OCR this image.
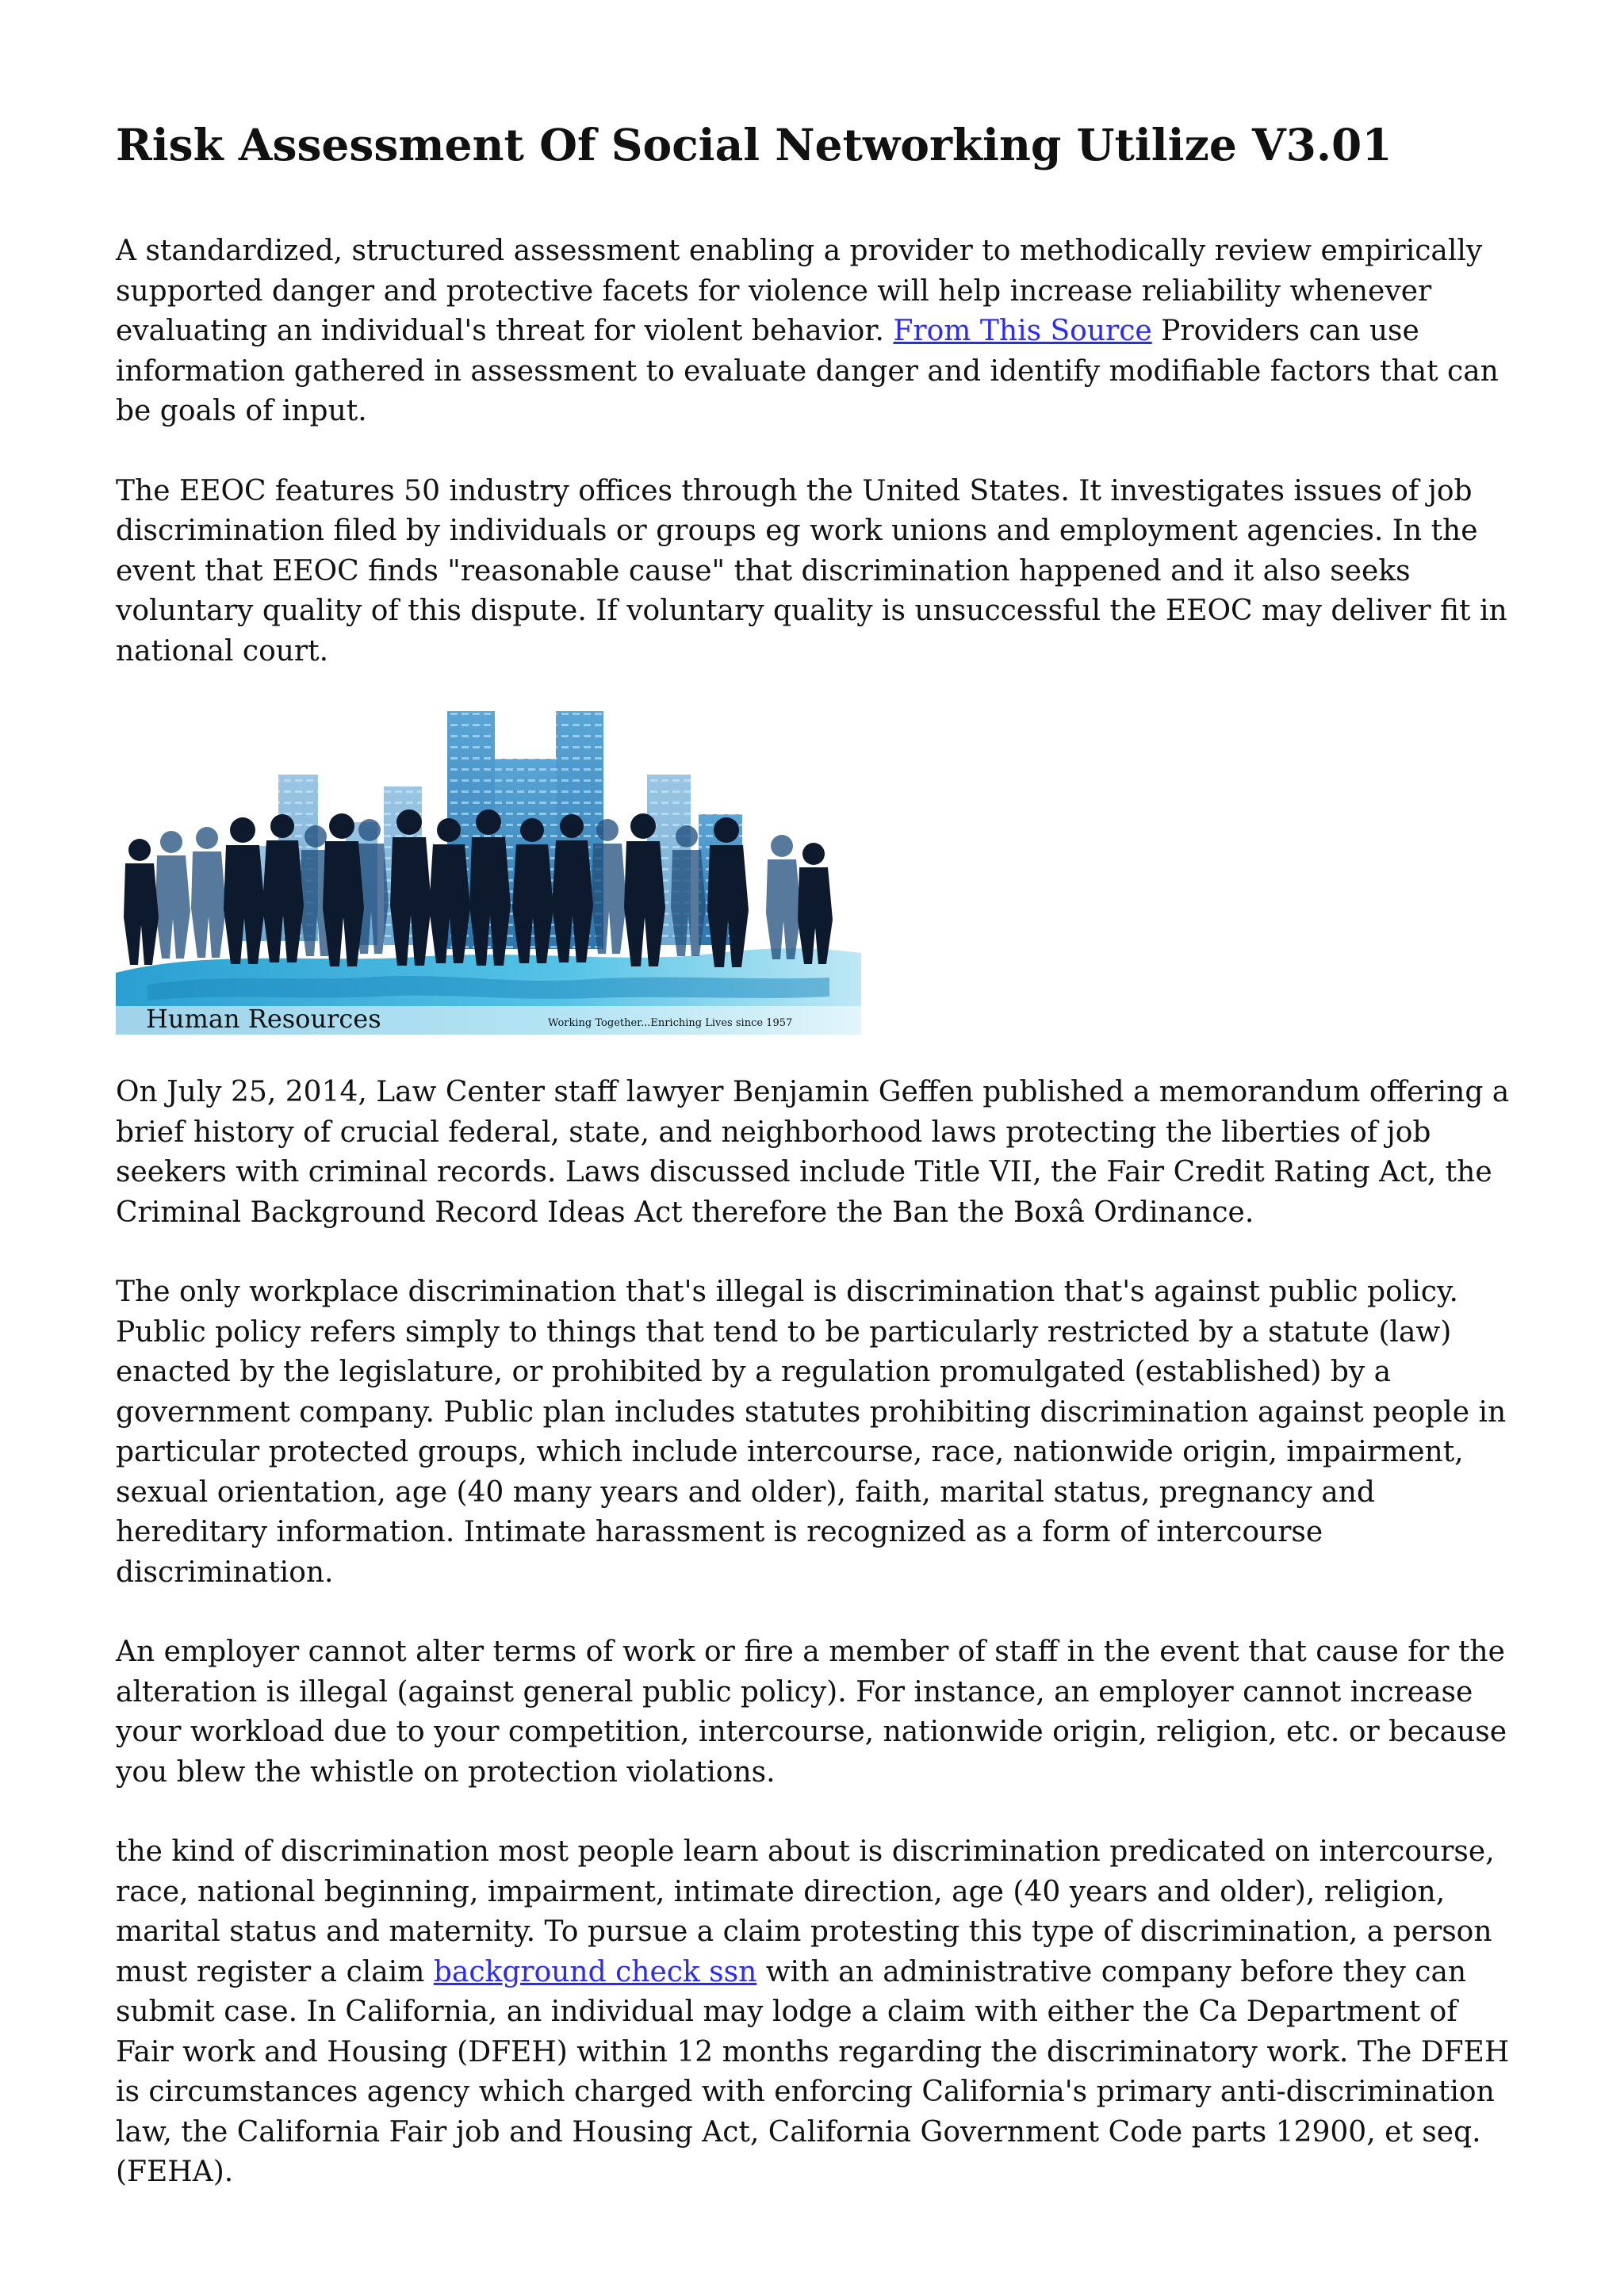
Risk Assessment Of Social Networking Utilize V3.01

A standardized, structured assessment enabling a provider to methodically review empirically supported danger and protective facets for violence will help increase reliability whenever evaluating an individual's threat for violent behavior. From This Source Providers can use information gathered in assessment to evaluate danger and identify modifiable factors that can be goals of input.

The EEOC features 50 industry offices through the United States. It investigates issues of job discrimination filed by individuals or groups eg work unions and employment agencies. In the event that EEOC finds "reasonable cause" that discrimination happened and it also seeks voluntary quality of this dispute. If voluntary quality is unsuccessful the EEOC may deliver fit in national court.

Human Resources	Working Together...Enriching Lives since 1957

On July 25, 2014, Law Center staff lawyer Benjamin Geffen published a memorandum offering a brief history of crucial federal, state, and neighborhood laws protecting the liberties of job seekers with criminal records. Laws discussed include Title VII, the Fair Credit Rating Act, the Criminal Background Record Ideas Act therefore the Ban the Boxâ Ordinance.

The only workplace discrimination that's illegal is discrimination that's against public policy. Public policy refers simply to things that tend to be particularly restricted by a statute (law) enacted by the legislature, or prohibited by a regulation promulgated (established) by a government company. Public plan includes statutes prohibiting discrimination against people in particular protected groups, which include intercourse, race, nationwide origin, impairment, sexual orientation, age (40 many years and older), faith, marital status, pregnancy and hereditary information. Intimate harassment is recognized as a form of intercourse discrimination.

An employer cannot alter terms of work or fire a member of staff in the event that cause for the alteration is illegal (against general public policy). For instance, an employer cannot increase your workload due to your competition, intercourse, nationwide origin, religion, etc. or because you blew the whistle on protection violations.

the kind of discrimination most people learn about is discrimination predicated on intercourse, race, national beginning, impairment, intimate direction, age (40 years and older), religion, marital status and maternity. To pursue a claim protesting this type of discrimination, a person must register a claim background check ssn with an administrative company before they can submit case. In California, an individual may lodge a claim with either the Ca Department of Fair work and Housing (DFEH) within 12 months regarding the discriminatory work. The DFEH is circumstances agency which charged with enforcing California's primary anti-discrimination law, the California Fair job and Housing Act, California Government Code parts 12900, et seq. (FEHA).
